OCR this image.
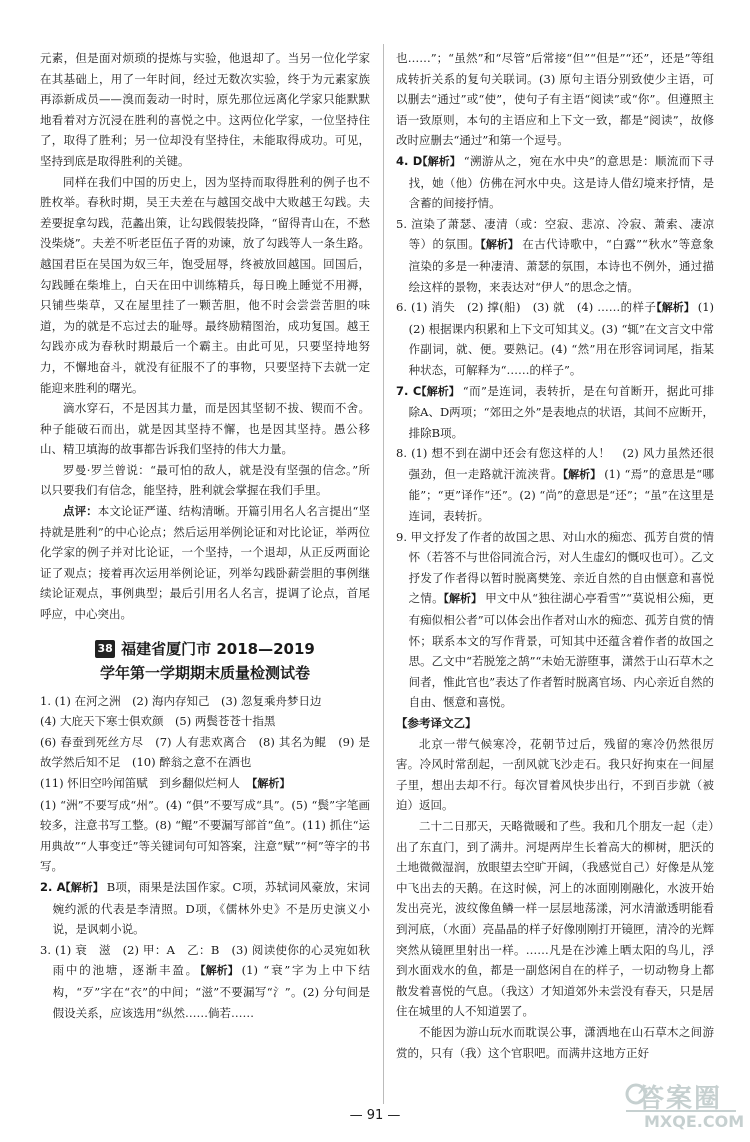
元素，但是面对烦琐的提炼与实验，他退却了。当另一位化学家在其基础上，用了一年时间，经过无数次实验，终于为元素家族再添新成员——溴而轰动一时时，原先那位远离化学家只能默默地看着对方沉浸在胜利的喜悦之中。这两位化学家，一位坚持住了，取得了胜利；另一位却没有坚持住，未能取得成功。可见，坚持到底是取得胜利的关键。

同样在我们中国的历史上，因为坚持而取得胜利的例子也不胜枚举。春秋时期，吴王夫差在与越国交战中大败越王勾践。夫差要捉拿勾践，范蠡出策，让勾践假装投降，“留得青山在，不愁没柴烧”。夫差不听老臣伍子胥的劝谏，放了勾践等人一条生路。越国君臣在吴国为奴三年，饱受屈辱，终被放回越国。回国后，勾践睡在柴堆上，白天在田中训练精兵，每日晚上睡觉不用褥，只铺些柴草，又在屋里挂了一颗苦胆，他不时会尝尝苦胆的味道，为的就是不忘过去的耻辱。最终励精图治，成功复国。越王勾践亦成为春秋时期最后一个霸主。由此可见，只要坚持地努力，不懈地奋斗，就没有征服不了的事物，只要坚持下去就一定能迎来胜利的曙光。

滴水穿石，不是因其力量，而是因其坚韧不拔、锲而不舍。种子能破石而出，就是因其坚持不懈，也是因其坚持。愚公移山、精卫填海的故事都告诉我们坚持的伟大力量。

罗曼·罗兰曾说：“最可怕的敌人，就是没有坚强的信念。”所以只要我们有信念，能坚持，胜利就会掌握在我们手里。

点评：本文论证严谨、结构清晰。开篇引用名人名言提出“坚持就是胜利”的中心论点；然后运用举例论证和对比论证，举两位化学家的例子并对比论证，一个坚持，一个退却，从正反两面论证了观点；接着再次运用举例论证，列举勾践卧薪尝胆的事例继续论证观点，事例典型；最后引用名人名言，提调了论点，首尾呼应，中心突出。

38 福建省厦门市 2018—2019
学年第一学期期末质量检测试卷

1. (1) 在河之洲　(2) 海内存知己　(3) 忽复乘舟梦日边

(4) 大庇天下寒士俱欢颜　(5) 两鬓苍苍十指黑

(6) 春蚕到死丝方尽　(7) 人有悲欢离合　(8) 其名为鲲　(9) 是故学然后知不足　(10) 醉翁之意不在酒也

(11) 怀旧空吟闻笛赋　到乡翻似烂柯人 【解析】

(1) “洲”不要写成“州”。(4) “俱”不要写成“具”。(5) “鬓”字笔画较多，注意书写工整。(8) “鲲”不要漏写部首“鱼”。(11) 抓住“运用典故”“人事变迁”等关键词句可知答案，注意“赋”“柯”等字的书写。

2. A 【解析】 B项，雨果是法国作家。C项，苏轼词风豪放，宋词婉约派的代表是李清照。D项，《儒林外史》不是历史演义小说，是讽刺小说。

3. (1) 衰　滋　(2) 甲：A　乙：B　(3) 阅读使你的心灵宛如秋雨中的池塘，逐渐丰盈。 【解析】 (1) “衰”字为上中下结构，“歹”字在“衣”的中间；“滋”不要漏写“氵”。(2) 分句间是假设关系，应该选用“纵然……倘若……

也……”；“虽然”和“尽管”后常接“但”“但是”“还”，还是”等组成转折关系的复句关联词。(3) 原句主语分别致使少主语，可以删去“通过”或“使”，使句子有主语“阅读”或“你”。但遵照主语一致原则，本句的主语应和上下文一致，都是“阅读”，故修改时应删去“通过”和第一个逗号。

4. D 【解析】 “溯游从之，宛在水中央”的意思是：顺流而下寻找，她（他）仿佛在河水中央。这是诗人借幻境来抒情，是含蓄的间接抒情。

5. 渲染了萧瑟、凄清（或：空寂、悲凉、冷寂、萧索、凄凉等）的氛围。 【解析】 在古代诗歌中，“白露”“秋水”等意象渲染的多是一种凄清、萧瑟的氛围，本诗也不例外，通过描绘这样的景物，来表达对“伊人”的思念之情。

6. (1) 消失　(2) 撑(船)　(3) 就　(4) ……的样子 【解析】 (1)(2) 根据课内积累和上下文可知其义。(3) “辄”在文言文中常作副词，就、便。要熟记。(4) “然”用在形容词词尾，指某种状态，可解释为“……的样子”。

7. C 【解析】 “而”是连词，表转折，是在句首断开，据此可排除A、D两项；“郊田之外”是表地点的状语，其间不应断开，排除B项。

8. (1) 想不到在湖中还会有您这样的人！　(2) 风力虽然还很强劲，但一走路就汗流浃背。 【解析】 (1) “焉”的意思是“哪能”；“更”译作“还”。(2) “尚”的意思是“还”；“虽”在这里是连词，表转折。

9. 甲文抒发了作者的故国之思、对山水的痴恋、孤芳自赏的情怀（若答不与世俗同流合污，对人生虚幻的慨叹也可）。乙文抒发了作者得以暂时脱离樊笼、亲近自然的自由惬意和喜悦之情。 【解析】 甲文中从“独往湖心亭看雪”“莫说相公痴，更有痴似相公者”可以体会出作者对山水的痴恋、孤芳自赏的情怀；联系本文的写作背景，可知其中还蕴含着作者的故国之思。乙文中“若脱笼之鹄”“未始无游堕事，潇然于山石草木之间者，惟此官也”表达了作者暂时脱离官场、内心亲近自然的自由、惬意和喜悦。

【参考译文乙】

北京一带气候寒冷，花朝节过后，残留的寒冷仍然很厉害。冷风时常刮起，一刮风就飞沙走石。我只好拘束在一间屋子里，想出去却不行。每次冒着风快步出行，不到百步就（被迫）返回。

二十二日那天，天略微暖和了些。我和几个朋友一起（走）出了东直门，到了满井。河堤两岸生长着高大的柳树，肥沃的土地微微湿润，放眼望去空旷开阔，（我感觉自己）好像是从笼中飞出去的天鹅。在这时候，河上的冰面刚刚融化，水波开始发出亮光，波纹像鱼鳞一样一层层地荡漾，河水清澈透明能看到河底，（水面）亮晶晶的样子好像刚刚打开镜匣，清冷的光辉突然从镜匣里射出一样。……凡是在沙滩上晒太阳的鸟儿，浮到水面戏水的鱼，都是一副悠闲自在的样子，一切动物身上都散发着喜悦的气息。（我这）才知道郊外未尝没有春天，只是居住在城里的人不知道罢了。

不能因为游山玩水而耽误公事，潇洒地在山石草木之间游赏的，只有（我）这个官职吧。而满井这地方正好

— 91 —
答案圈
MXQE.COM
